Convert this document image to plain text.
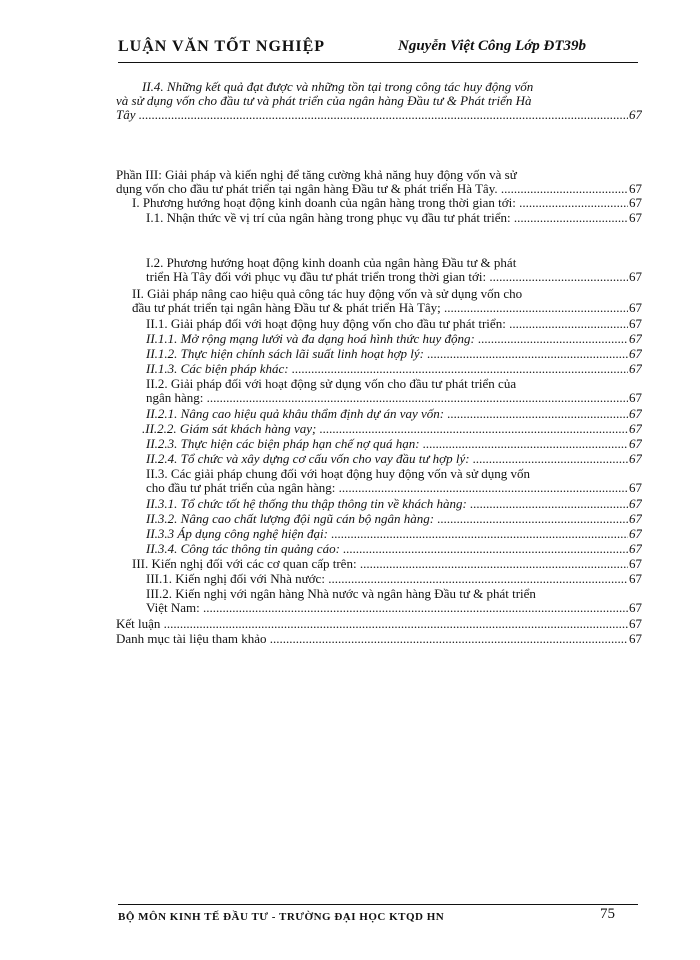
LUẬN VĂN TỐT NGHIỆP	Nguyễn Việt Công Lớp ĐT39b
II.4. Những kết quả đạt được và những tồn tại trong công tác huy động vốn
và sử dụng vốn cho đầu tư và phát triển của ngân hàng Đầu tư & Phát triển Hà
Tây	67
.....
Phần III: Giải pháp và kiến nghị để tăng cường khả năng huy động vốn và sử
dụng vốn cho đầu tư phát triển tại ngân hàng Đầu tư & phát triển Hà Tây.	67
.....
I. Phương hướng hoạt động kinh doanh của ngân hàng trong thời gian tới:	67
.....
I.1. Nhận thức về vị trí của ngân hàng trong phục vụ đầu tư phát triển:	67
.....
I.2. Phương hướng hoạt động kinh doanh của ngân hàng Đầu tư & phát
triển Hà Tây đối với phục vụ đầu tư phát triển trong thời gian tới:	67
.....
II. Giải pháp nâng cao hiệu quả công tác huy động vốn và sử dụng vốn cho
đầu tư phát triển tại ngân hàng Đầu tư & phát triển Hà Tây;	67
.....
II.1. Giải pháp đối với hoạt động huy động vốn cho đầu tư phát triển:	67
.....
II.1.1. Mở rộng mạng lưới và đa dạng hoá hình thức huy động:	67
.....
II.1.2. Thực hiện chính sách lãi suất linh hoạt hợp lý:	67
.....
II.1.3. Các biện pháp khác:	67
.....
II.2. Giải pháp đối với hoạt động sử dụng vốn cho đầu tư phát triển của
ngân hàng:	67
.....
II.2.1. Nâng cao hiệu quả khâu thẩm định dự án vay vốn:	67
.....
.II.2.2. Giám sát khách hàng vay;	67
.....
II.2.3. Thực hiện các biện pháp hạn chế nợ quá hạn:	67
.....
II.2.4. Tổ chức và xây dựng cơ cấu vốn cho vay đầu tư hợp lý:	67
.....
II.3. Các giải pháp chung đối với hoạt động huy động vốn và sử dụng vốn
cho đầu tư phát triển của ngân hàng:	67
.....
II.3.1. Tổ chức tốt hệ thống thu thập thông tin về khách hàng:	67
.....
II.3.2. Nâng cao chất lượng đội ngũ cán bộ ngân hàng:	67
.....
II.3.3 Áp dụng công nghệ hiện đại:	67
.....
II.3.4. Công tác thông tin quảng cáo:	67
.....
III. Kiến nghị đối với các cơ quan cấp trên:	67
.....
III.1. Kiến nghị đối với Nhà nước:	67
.....
III.2. Kiến nghị với ngân hàng Nhà nước và ngân hàng Đầu tư & phát triển
Việt Nam:	67
.....
Kết luận	67
.....
Danh mục tài liệu tham khảo	67
.....
BỘ MÔN KINH TẾ ĐẦU TƯ - TRƯỜNG ĐẠI HỌC KTQD HN	75
